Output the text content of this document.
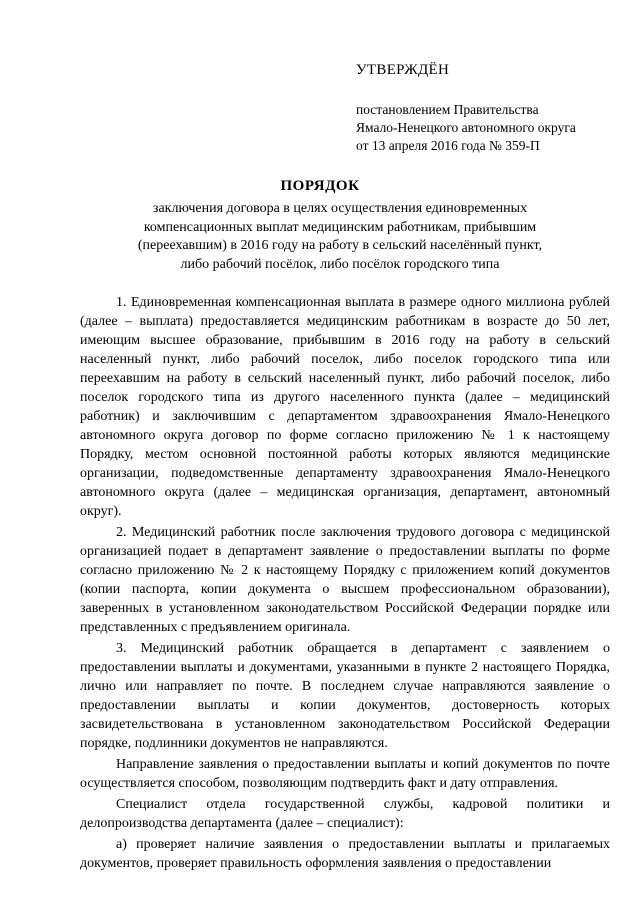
УТВЕРЖДЁН
постановлением Правительства
Ямало-Ненецкого автономного округа
от 13 апреля 2016 года № 359-П
ПОРЯДОК
заключения договора в целях осуществления единовременных
компенсационных выплат медицинским работникам, прибывшим
(переехавшим) в 2016 году на работу в сельский населённый пункт,
либо рабочий посёлок, либо посёлок городского типа

1. Единовременная компенсационная выплата в размере одного миллиона рублей (далее – выплата) предоставляется медицинским работникам в возрасте до 50 лет, имеющим высшее образование, прибывшим в 2016 году на работу в сельский населенный пункт, либо рабочий поселок, либо поселок городского типа или переехавшим на работу в сельский населенный пункт, либо рабочий поселок, либо поселок городского типа из другого населенного пункта (далее – медицинский работник) и заключившим с департаментом здравоохранения Ямало-Ненецкого автономного округа договор по форме согласно приложению № 1 к настоящему Порядку, местом основной постоянной работы которых являются медицинские организации, подведомственные департаменту здравоохранения Ямало-Ненецкого автономного округа (далее – медицинская организация, департамент, автономный округ).

2. Медицинский работник после заключения трудового договора с медицинской организацией подает в департамент заявление о предоставлении выплаты по форме согласно приложению № 2 к настоящему Порядку с приложением копий документов (копии паспорта, копии документа о высшем профессиональном образовании), заверенных в установленном законодательством Российской Федерации порядке или представленных с предъявлением оригинала.

3. Медицинский работник обращается в департамент с заявлением о предоставлении выплаты и документами, указанными в пункте 2 настоящего Порядка, лично или направляет по почте. В последнем случае направляются заявление о предоставлении выплаты и копии документов, достоверность которых засвидетельствована в установленном законодательством Российской Федерации порядке, подлинники документов не направляются.

Направление заявления о предоставлении выплаты и копий документов по почте осуществляется способом, позволяющим подтвердить факт и дату отправления.

Специалист отдела государственной службы, кадровой политики и делопроизводства департамента (далее – специалист):

а) проверяет наличие заявления о предоставлении выплаты и прилагаемых документов, проверяет правильность оформления заявления о предоставлении
